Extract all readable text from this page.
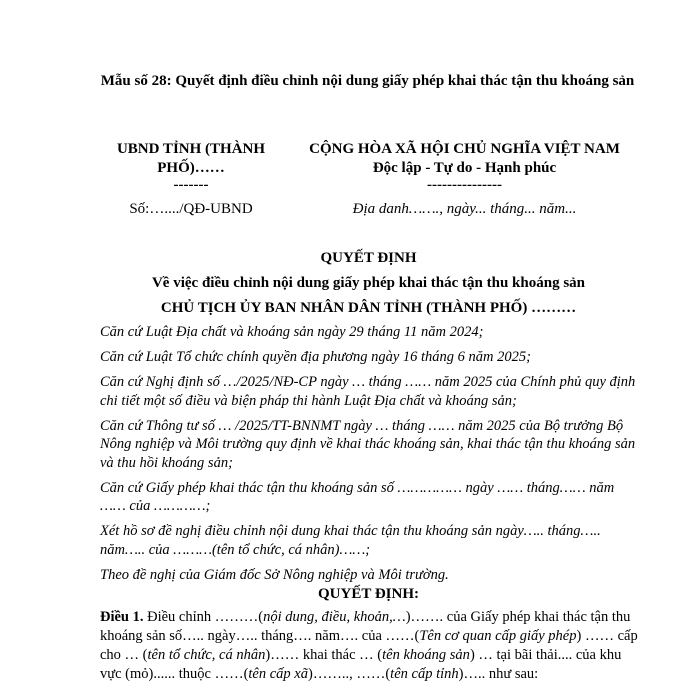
Mẫu số 28: Quyết định điều chỉnh nội dung giấy phép khai thác tận thu khoáng sản
UBND TỈNH (THÀNH PHỐ)……
-------
Số:…..../QĐ-UBND
CỘNG HÒA XÃ HỘI CHỦ NGHĨA VIỆT NAM
Độc lập - Tự do - Hạnh phúc
---------------
Địa danh……., ngày... tháng... năm...
QUYẾT ĐỊNH
Về việc điều chỉnh nội dung giấy phép khai thác tận thu khoáng sản
CHỦ TỊCH ỦY BAN NHÂN DÂN TỈNH (THÀNH PHỐ) ………

Căn cứ Luật Địa chất và khoáng sản ngày 29 tháng 11 năm 2024;

Căn cứ Luật Tổ chức chính quyền địa phương ngày 16 tháng 6 năm 2025;

Căn cứ Nghị định số …/2025/NĐ-CP ngày … tháng …… năm 2025 của Chính phủ quy định chi tiết một số điều và biện pháp thi hành Luật Địa chất và khoáng sản;

Căn cứ Thông tư số … /2025/TT-BNNMT ngày … tháng …… năm 2025 của Bộ trưởng Bộ Nông nghiệp và Môi trường quy định về khai thác khoáng sản, khai thác tận thu khoáng sản và thu hồi khoáng sản;

Căn cứ Giấy phép khai thác tận thu khoáng sản số …………… ngày …… tháng…… năm …… của …………;

Xét hồ sơ đề nghị điều chỉnh nội dung khai thác tận thu khoáng sản ngày….. tháng….. năm….. của ………(tên tổ chức, cá nhân)……;

Theo đề nghị của Giám đốc Sở Nông nghiệp và Môi trường.

QUYẾT ĐỊNH:

Điều 1. Điều chỉnh ………(nội dung, điều, khoản,…)……. của Giấy phép khai thác tận thu khoáng sản số….. ngày….. tháng…. năm…. của ……(Tên cơ quan cấp giấy phép) …… cấp cho … (tên tổ chức, cá nhân)…… khai thác … (tên khoáng sản) … tại bãi thải.... của khu vực (mỏ)...... thuộc ……(tên cấp xã)…….., ……(tên cấp tỉnh)….. như sau:
